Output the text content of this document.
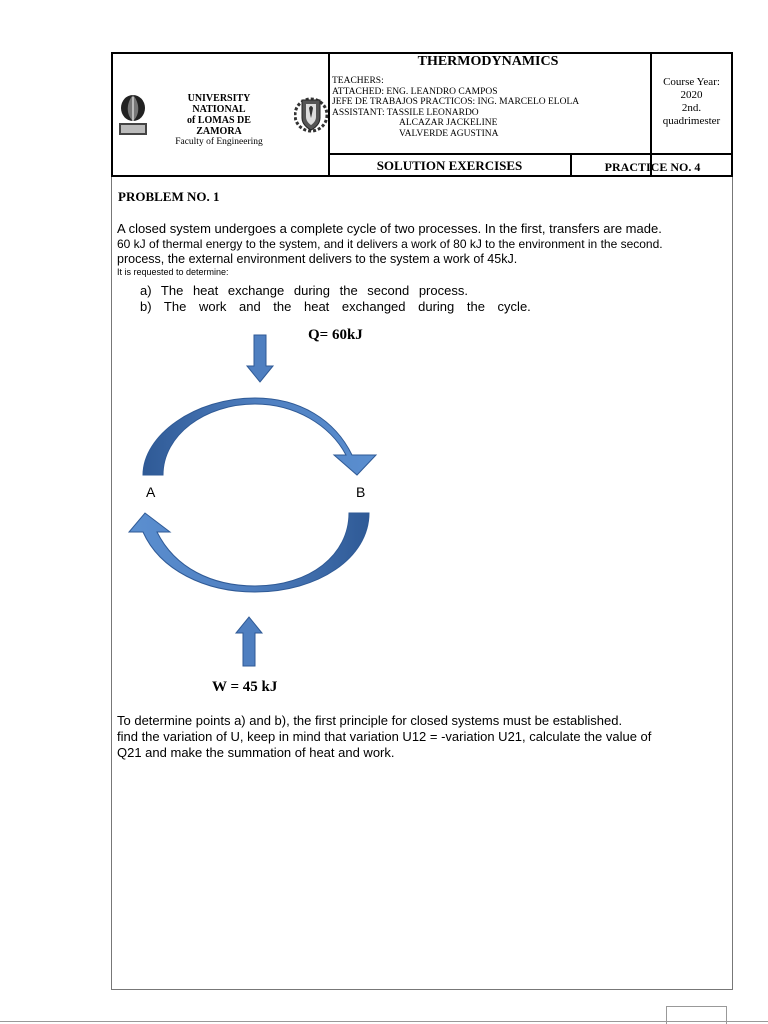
UNIVERSITY
NATIONAL
of LOMAS DE ZAMORA
Faculty of Engineering
THERMODYNAMICS
TEACHERS:
ATTACHED: ENG. LEANDRO CAMPOS
JEFE DE TRABAJOS PRACTICOS: ING. MARCELO ELOLA
ASSISTANT: TASSILE LEONARDO
ALCAZAR JACKELINE
VALVERDE AGUSTINA
Course Year:
2020
2nd.
quadrimester
SOLUTION EXERCISES	PRACTICE NO. 4
PROBLEM NO. 1
A closed system undergoes a complete cycle of two processes. In the first, transfers are made.
60 kJ of thermal energy to the system, and it delivers a work of 80 kJ to the environment in the second.
process, the external environment delivers to the system a work of 45kJ.
It is requested to determine:
a) The heat exchange during the second process.
b) The work and the heat exchanged during the cycle.
Q= 60kJ
W = 45 kJ
A	B
To determine points a) and b), the first principle for closed systems must be established.
find the variation of U, keep in mind that variation U12 = -variation U21, calculate the value of
Q21 and make the summation of heat and work.
